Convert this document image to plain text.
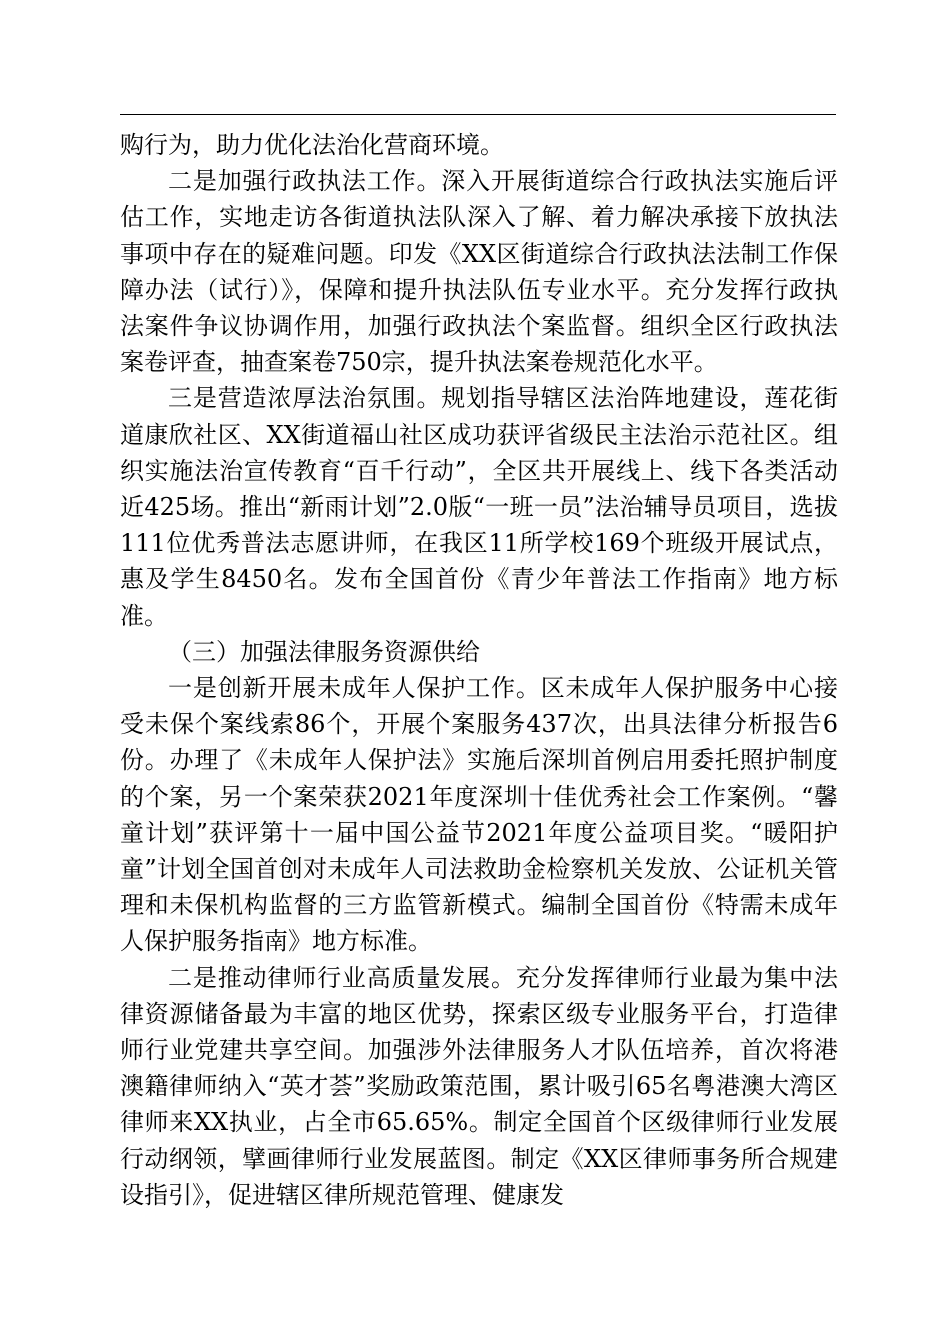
购行为，助力优化法治化营商环境。

二是加强行政执法工作。深入开展街道综合行政执法实施后评估工作，实地走访各街道执法队深入了解、着力解决承接下放执法事项中存在的疑难问题。印发《XX区街道综合行政执法法制工作保障办法（试行）》，保障和提升执法队伍专业水平。充分发挥行政执法案件争议协调作用，加强行政执法个案监督。组织全区行政执法案卷评查，抽查案卷750宗，提升执法案卷规范化水平。

三是营造浓厚法治氛围。规划指导辖区法治阵地建设，莲花街道康欣社区、XX街道福山社区成功获评省级民主法治示范社区。组织实施法治宣传教育“百千行动”，全区共开展线上、线下各类活动近425场。推出“新雨计划”2.0版“一班一员”法治辅导员项目，选拔111位优秀普法志愿讲师，在我区11所学校169个班级开展试点，惠及学生8450名。发布全国首份《青少年普法工作指南》地方标准。

（三）加强法律服务资源供给

一是创新开展未成年人保护工作。区未成年人保护服务中心接受未保个案线索86个，开展个案服务437次，出具法律分析报告6份。办理了《未成年人保护法》实施后深圳首例启用委托照护制度的个案，另一个案荣获2021年度深圳十佳优秀社会工作案例。“馨童计划”获评第十一届中国公益节2021年度公益项目奖。“暖阳护童”计划全国首创对未成年人司法救助金检察机关发放、公证机关管理和未保机构监督的三方监管新模式。编制全国首份《特需未成年人保护服务指南》地方标准。

二是推动律师行业高质量发展。充分发挥律师行业最为集中法律资源储备最为丰富的地区优势，探索区级专业服务平台，打造律师行业党建共享空间。加强涉外法律服务人才队伍培养，首次将港澳籍律师纳入“英才荟”奖励政策范围，累计吸引65名粤港澳大湾区律师来XX执业，占全市65.65%。制定全国首个区级律师行业发展行动纲领，擘画律师行业发展蓝图。制定《XX区律师事务所合规建设指引》，促进辖区律所规范管理、健康发
